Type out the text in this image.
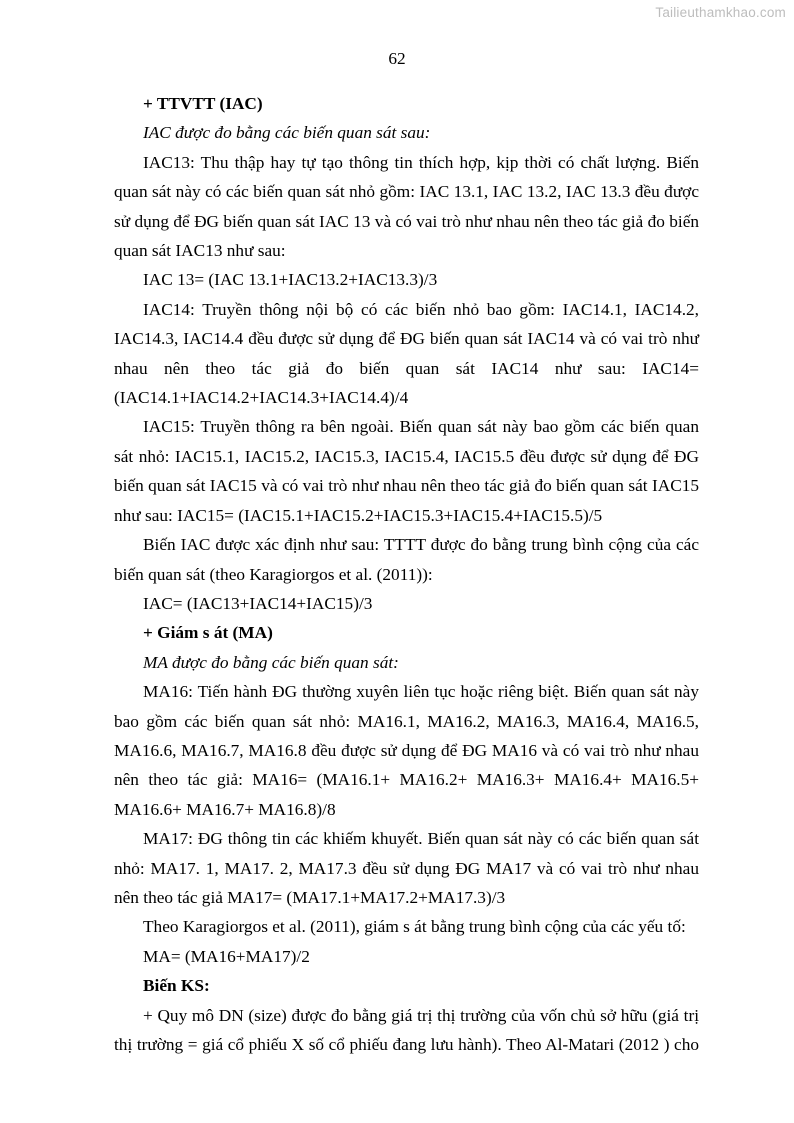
Tailieuthamkhao.com
62
+ TTVTT (IAC)
IAC được đo bằng các biến quan sát sau:
IAC13: Thu thập hay tự tạo thông tin thích hợp, kịp thời có chất lượng. Biến
quan sát này có các biến quan sát nhỏ gồm: IAC 13.1, IAC 13.2, IAC 13.3 đều được
sử dụng để ĐG biến quan sát IAC 13 và có vai trò như nhau nên theo tác giả đo biến
quan sát IAC13 như sau:
IAC 13= (IAC 13.1+IAC13.2+IAC13.3)/3
IAC14: Truyền thông nội bộ có các biến nhỏ bao gồm: IAC14.1, IAC14.2,
IAC14.3, IAC14.4 đều được sử dụng để ĐG biến quan sát IAC14 và có vai trò như
nhau nên theo tác giả đo biến quan sát IAC14 như sau: IAC14=
(IAC14.1+IAC14.2+IAC14.3+IAC14.4)/4
IAC15: Truyền thông ra bên ngoài. Biến quan sát này bao gồm các biến quan
sát nhỏ: IAC15.1, IAC15.2, IAC15.3, IAC15.4, IAC15.5 đều được sử dụng để ĐG
biến quan sát IAC15 và có vai trò như nhau nên theo tác giả đo biến quan sát IAC15
như sau: IAC15= (IAC15.1+IAC15.2+IAC15.3+IAC15.4+IAC15.5)/5
Biến IAC được xác định như sau: TTTT được đo bằng trung bình cộng của các
biến quan sát (theo Karagiorgos et al. (2011)):
IAC= (IAC13+IAC14+IAC15)/3
+ Giám s át (MA)
MA được đo bằng các biến quan sát:
MA16: Tiến hành ĐG thường xuyên liên tục hoặc riêng biệt. Biến quan sát này
bao gồm các biến quan sát nhỏ: MA16.1, MA16.2, MA16.3, MA16.4, MA16.5,
MA16.6, MA16.7, MA16.8 đều được sử dụng để ĐG MA16 và có vai trò như nhau
nên theo tác giả: MA16= (MA16.1+ MA16.2+ MA16.3+ MA16.4+ MA16.5+
MA16.6+ MA16.7+ MA16.8)/8
MA17: ĐG thông tin các khiếm khuyết. Biến quan sát này có các biến quan sát
nhỏ: MA17. 1, MA17. 2, MA17.3 đều sử dụng ĐG MA17 và có vai trò như nhau
nên theo tác giả MA17= (MA17.1+MA17.2+MA17.3)/3
Theo Karagiorgos et al. (2011), giám s át bằng trung bình cộng của các yếu tố:
MA= (MA16+MA17)/2
Biến KS:
+ Quy mô DN (size) được đo bằng giá trị thị trường của vốn chủ sở hữu (giá trị
thị trường = giá cổ phiếu X số cổ phiếu đang lưu hành). Theo Al-Matari (2012 ) cho
